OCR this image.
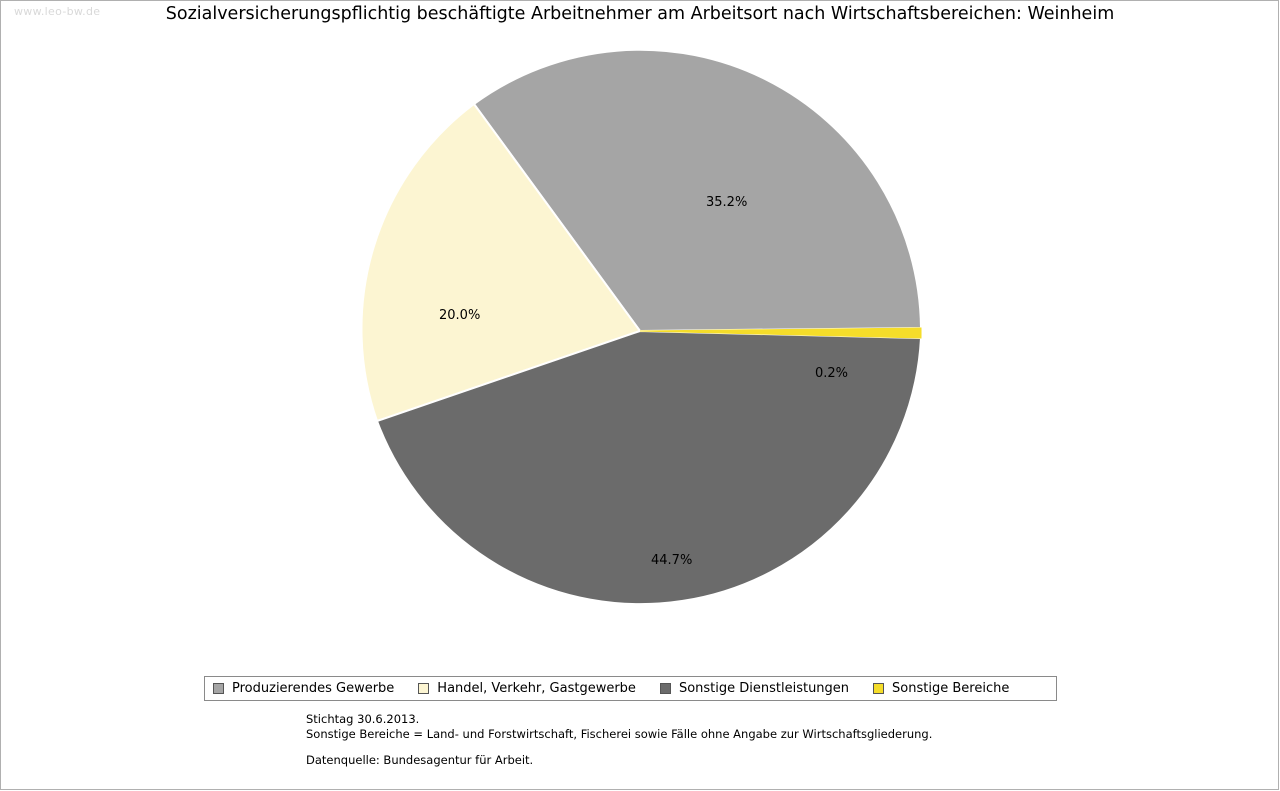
www.leo-bw.de	Sozialversicherungspflichtig beschäftigte Arbeitnehmer am Arbeitsort nach Wirtschaftsbereichen: Weinheim
35.2%
20.0%
44.7%
0.2%
Produzierendes Gewerbe	Handel, Verkehr, Gastgewerbe	Sonstige Dienstleistungen	Sonstige Bereiche
Stichtag 30.6.2013.
Sonstige Bereiche = Land- und Forstwirtschaft, Fischerei sowie Fälle ohne Angabe zur Wirtschaftsgliederung.
Datenquelle: Bundesagentur für Arbeit.
